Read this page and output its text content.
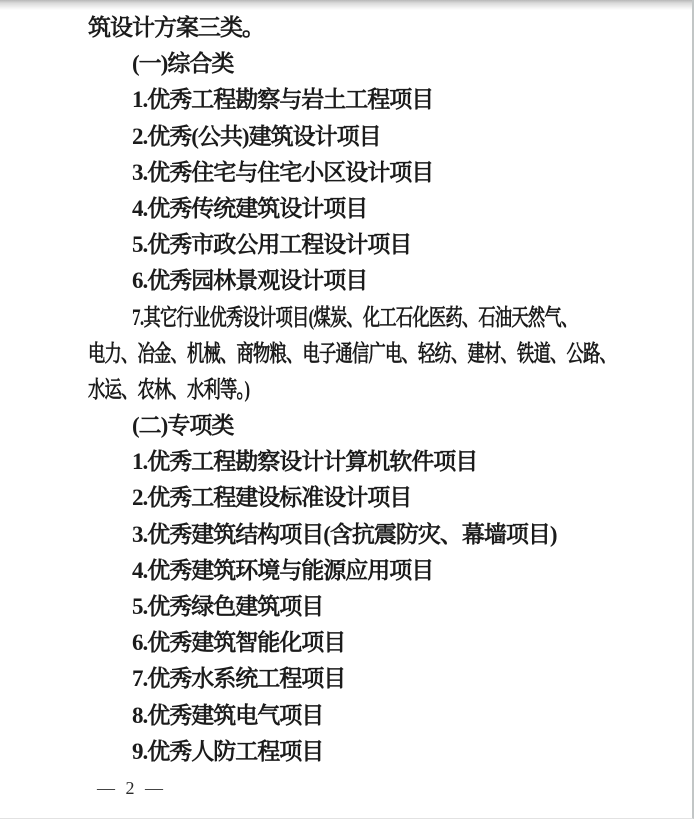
筑设计方案三类。
(一)综合类
1.优秀工程勘察与岩土工程项目
2.优秀(公共)建筑设计项目
3.优秀住宅与住宅小区设计项目
4.优秀传统建筑设计项目
5.优秀市政公用工程设计项目
6.优秀园林景观设计项目
7.其它行业优秀设计项目(煤炭、化工石化医药、石油天然气、
电力、冶金、机械、商物粮、电子通信广电、轻纺、建材、铁道、公路、
水运、农林、水利等。)
(二)专项类
1.优秀工程勘察设计计算机软件项目
2.优秀工程建设标准设计项目
3.优秀建筑结构项目(含抗震防灾、幕墙项目)
4.优秀建筑环境与能源应用项目
5.优秀绿色建筑项目
6.优秀建筑智能化项目
7.优秀水系统工程项目
8.优秀建筑电气项目
9.优秀人防工程项目
—  2  —
